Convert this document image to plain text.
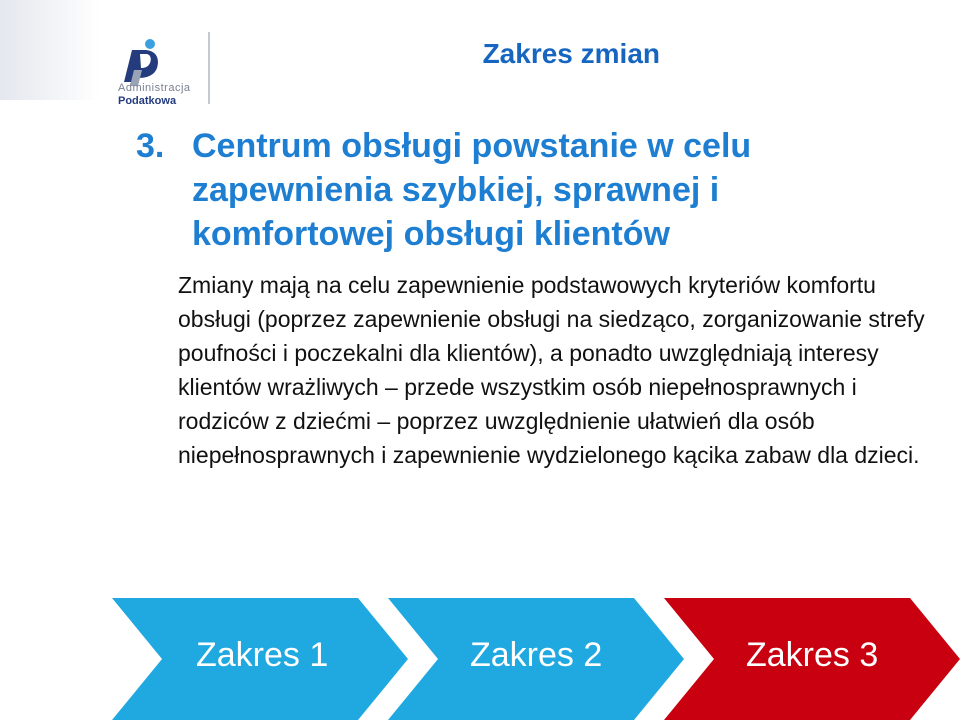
Administracja
Podatkowa
Zakres zmian
3. Centrum obsługi powstanie w celu zapewnienia szybkiej, sprawnej i komfortowej obsługi klientów
Zmiany mają na celu zapewnienie podstawowych kryteriów komfortu obsługi (poprzez zapewnienie obsługi na siedząco, zorganizowanie strefy poufności i poczekalni dla klientów), a ponadto uwzględniają interesy klientów wrażliwych – przede wszystkim osób niepełnosprawnych i rodziców z dziećmi – poprzez uwzględnienie ułatwień dla osób niepełnosprawnych i zapewnienie wydzielonego kącika zabaw dla dzieci.
Zakres 1	Zakres 2	Zakres 3
